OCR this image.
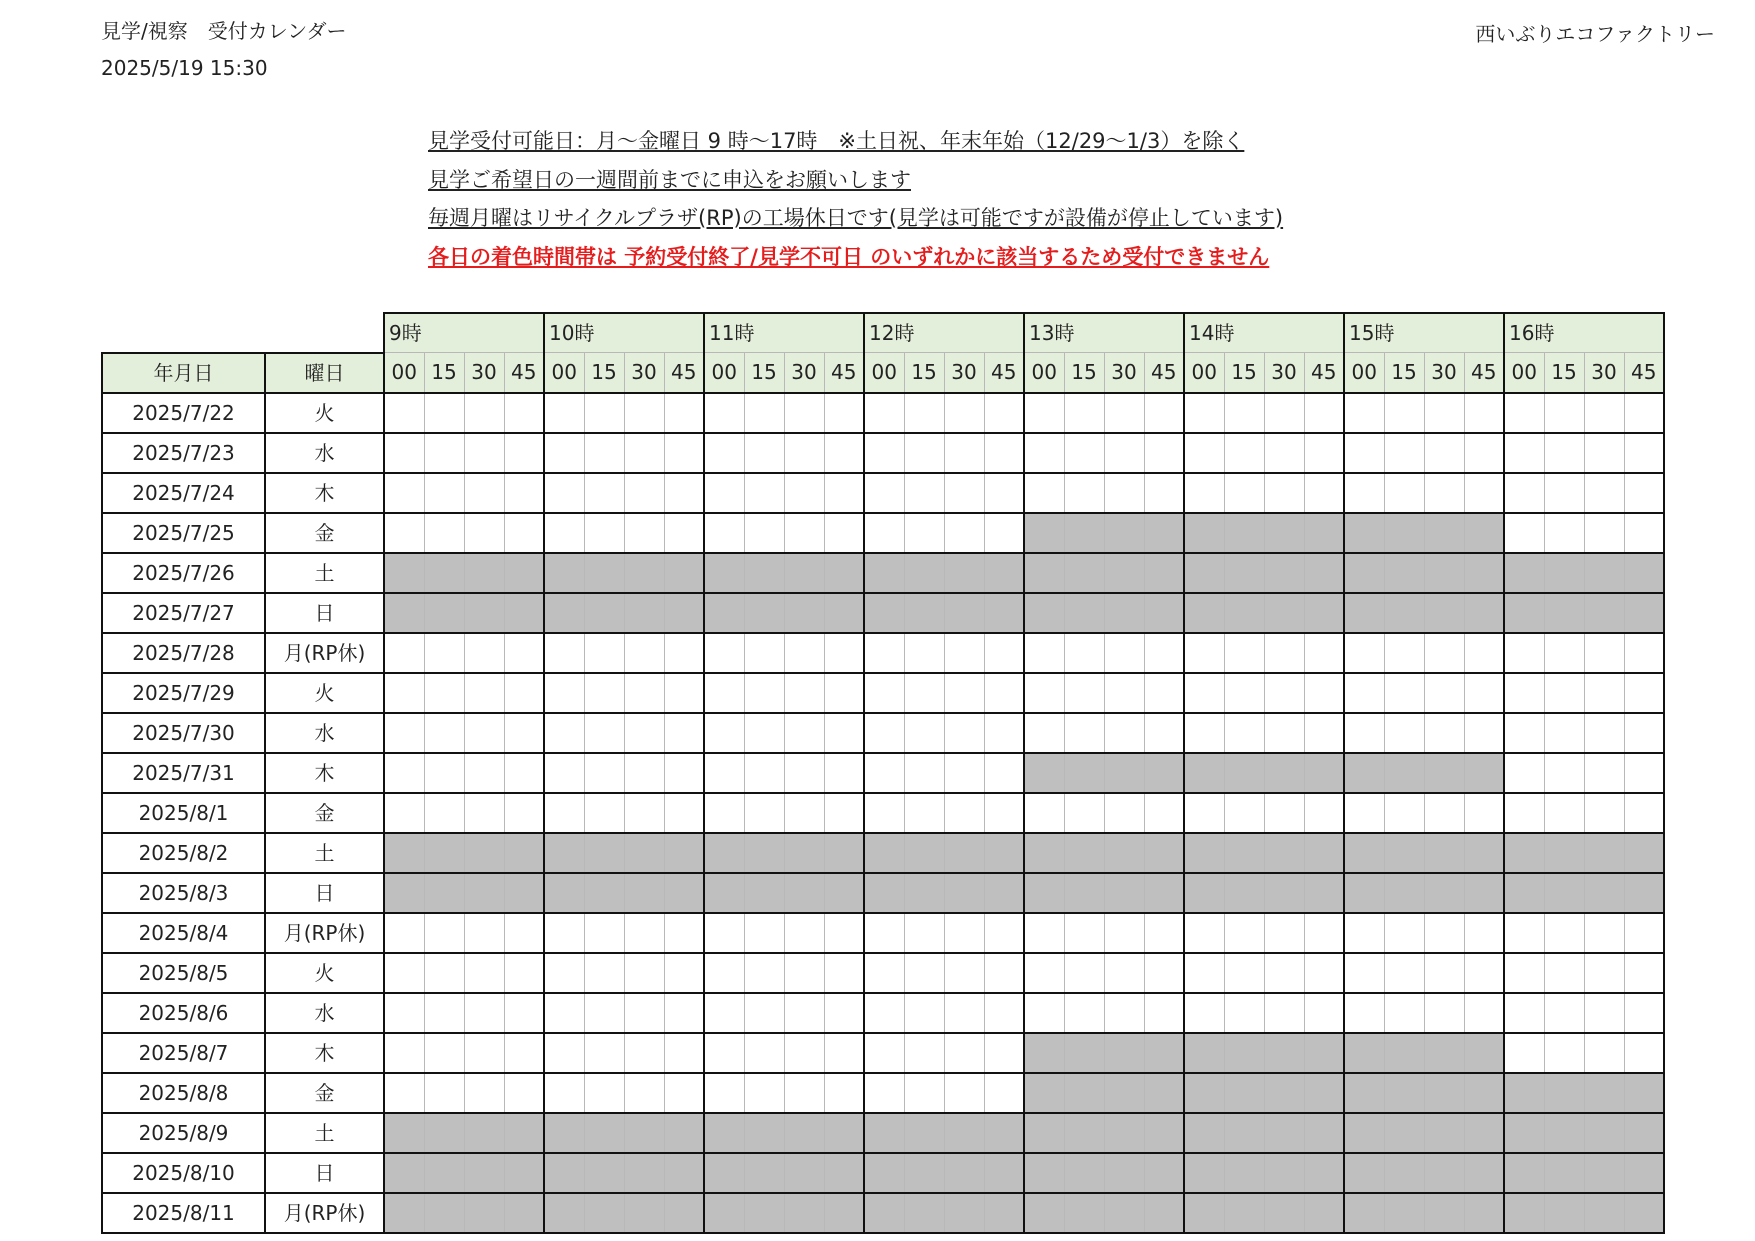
見学/視察　受付カレンダー
2025/5/19 15:30
西いぶりエコファクトリー
見学受付可能日：月～金曜日 9 時～17時　※土日祝、年末年始（12/29～1/3）を除く
見学ご希望日の一週間前までに申込をお願いします
毎週月曜はリサイクルプラザ(RP)の工場休日です(見学は可能ですが設備が停止しています)
各日の着色時間帯は 予約受付終了/見学不可日 のいずれかに該当するため受付できません
		9時				10時				11時				12時				13時				14時				15時				16時			
年月日	曜日	00	15	30	45	00	15	30	45	00	15	30	45	00	15	30	45	00	15	30	45	00	15	30	45	00	15	30	45	00	15	30	45
2025/7/22	火																																
2025/7/23	水																																
2025/7/24	木																																
2025/7/25	金																																
2025/7/26	土																																
2025/7/27	日																																
2025/7/28	月(RP休)																																
2025/7/29	火																																
2025/7/30	水																																
2025/7/31	木																																
2025/8/1	金																																
2025/8/2	土																																
2025/8/3	日																																
2025/8/4	月(RP休)																																
2025/8/5	火																																
2025/8/6	水																																
2025/8/7	木																																
2025/8/8	金																																
2025/8/9	土																																
2025/8/10	日																																
2025/8/11	月(RP休)																																
